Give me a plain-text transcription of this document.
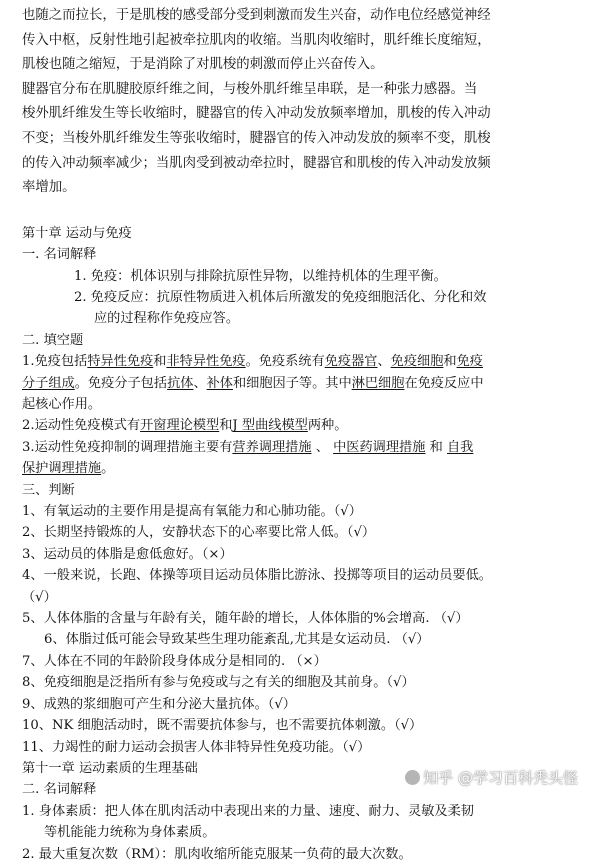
也随之而拉长，于是肌梭的感受部分受到刺激而发生兴奋，动作电位经感觉神经

传入中枢，反射性地引起被牵拉肌肉的收缩。当肌肉收缩时，肌纤维长度缩短，

肌梭也随之缩短，于是消除了对肌梭的刺激而停止兴奋传入。

腱器官分布在肌腱胶原纤维之间，与梭外肌纤维呈串联，是一种张力感器。当

梭外肌纤维发生等长收缩时，腱器官的传入冲动发放频率增加，肌梭的传入冲动

不变；当梭外肌纤维发生等张收缩时，腱器官的传入冲动发放的频率不变，肌梭

的传入冲动频率减少；当肌肉受到被动牵拉时，腱器官和肌梭的传入冲动发放频

率增加。

第十章 运动与免疫

一. 名词解释

1. 免疫：机体识别与排除抗原性异物，以维持机体的生理平衡。

2. 免疫反应：抗原性物质进入机体后所激发的免疫细胞活化、分化和效

应的过程称作免疫应答。

二. 填空题

1.免疫包括特异性免疫和非特异性免疫。免疫系统有免疫器官、免疫细胞和免疫

分子组成。免疫分子包括抗体、补体和细胞因子等。其中淋巴细胞在免疫反应中

起核心作用。

2.运动性免疫模式有开窗理论模型和J 型曲线模型两种。

3.运动性免疫抑制的调理措施主要有营养调理措施 、 中医药调理措施 和 自我

保护调理措施。

三、判断

1、有氧运动的主要作用是提高有氧能力和心肺功能。（√）

2、长期坚持锻炼的人，安静状态下的心率要比常人低。（√）

3、运动员的体脂是愈低愈好。（×）

4、一般来说，长跑、体操等项目运动员体脂比游泳、投掷等项目的运动员要低。

（√）

5、人体体脂的含量与年龄有关，随年龄的增长，人体体脂的%会增高. （√）

6、体脂过低可能会导致某些生理功能紊乱,尤其是女运动员. （√）

7、人体在不同的年龄阶段身体成分是相同的. （×）

8、免疫细胞是泛指所有参与免疫或与之有关的细胞及其前身。（√）

9、成熟的浆细胞可产生和分泌大量抗体。（√）

10、NK 细胞活动时，既不需要抗体参与，也不需要抗体刺激。（√）

11、力竭性的耐力运动会损害人体非特异性免疫功能。（√）

第十一章 运动素质的生理基础

二. 名词解释

1. 身体素质：把人体在肌肉活动中表现出来的力量、速度、耐力、灵敏及柔韧

等机能能力统称为身体素质。

2. 最大重复次数（RM）：肌肉收缩所能克服某一负荷的最大次数。

知乎 @学习百科秃头怪
